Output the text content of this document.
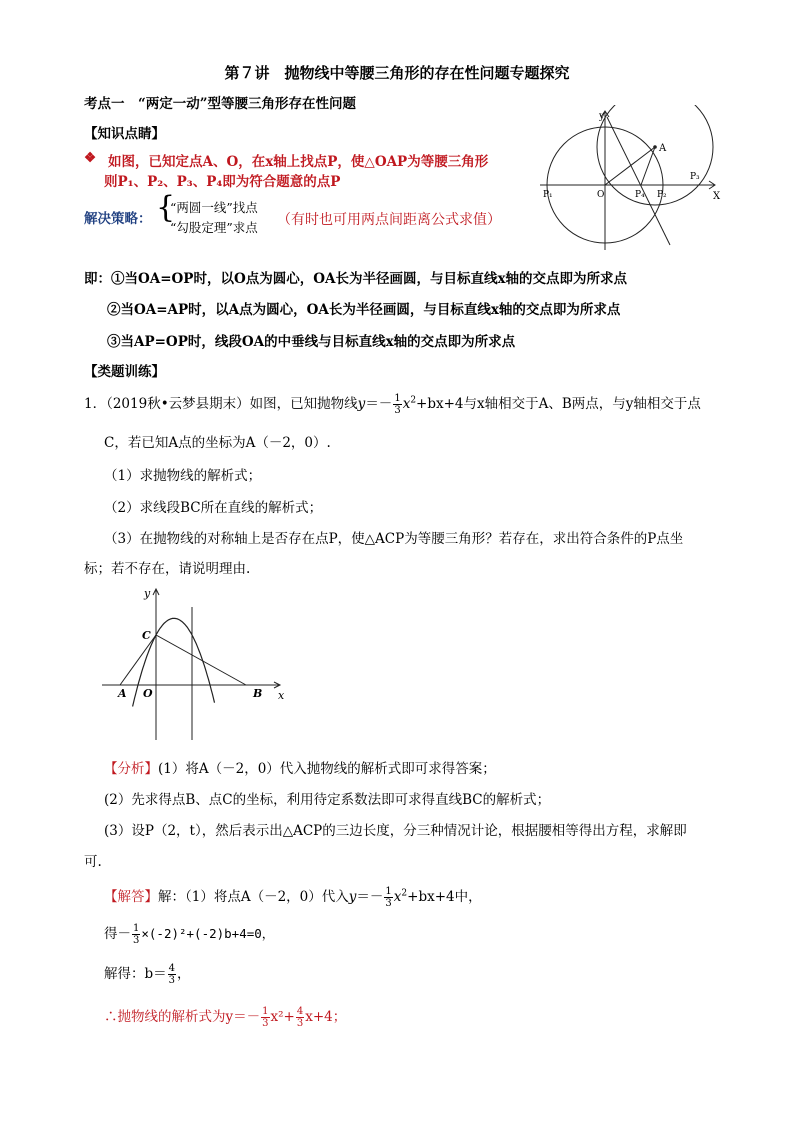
第７讲　抛物线中等腰三角形的存在性问题专题探究
考点一　“两定一动”型等腰三角形存在性问题
【知识点睛】
❖ 如图，已知定点A、O，在x轴上找点P，使△OAP为等腰三角形
则P₁、P₂、P₃、P₄即为符合题意的点P
解决策略： {
“两圆一线”找点
“勾股定理”求点 （有时也可用两点间距离公式求值）
A
O
y
X
P₁	P₄ P₂
P₃
即：①当OA=OP时，以O点为圆心，OA长为半径画圆，与目标直线x轴的交点即为所求点
②当OA=AP时，以A点为圆心，OA长为半径画圆，与目标直线x轴的交点即为所求点
③当AP=OP时，线段OA的中垂线与目标直线x轴的交点即为所求点
【类题训练】
1．（2019秋•云梦县期末）如图，已知抛物线$y=- \frac{1}{3} x^2+bx+4$与x轴相交于A、B两点，与y轴相交于点
C，若已知A点的坐标为A（－2，0）.
（1）求抛物线的解析式；
（2）求线段BC所在直线的解析式；
（3）在抛物线的对称轴上是否存在点P，使△ACP为等腰三角形？若存在，求出符合条件的P点坐
标；若不存在，请说明理由.
y
x
A O	B
C
【分析】(1）将A（－2，0）代入抛物线的解析式即可求得答案；
(2）先求得点B、点C的坐标，利用待定系数法即可求得直线BC的解析式；
(3）设P（2，t），然后表示出△ACP的三边长度，分三种情况计论，根据腰相等得出方程，求解即
可.
【解答】解：（1）将点A（－2，0）代入$y=- \frac{1}{3} x^2+bx+4$中，
得－ $\frac{1}{3} \times(-2)^2+(-2)b+4=0$，
解得：$b= \frac{4}{3}$ ，
∴抛物线的解析式为$y=- \frac{1}{3} x^2+ \frac{4}{3} x+4$；
